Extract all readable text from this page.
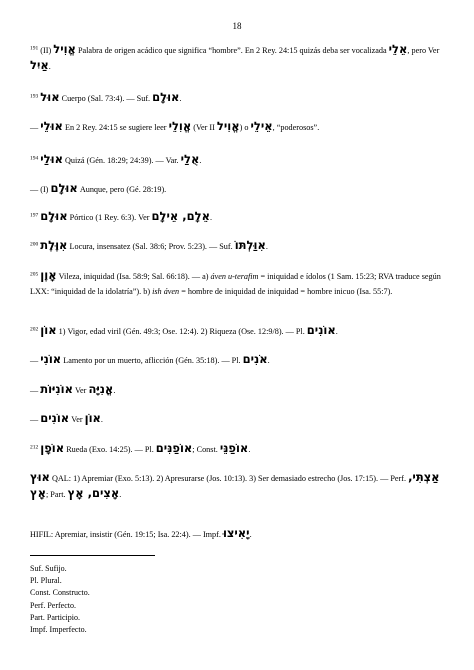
18
$^{191}$ (II) אֱוִיל Palabra de origen acádico que significa “hombre”. En 2 Rey. 24:15 quizás deba ser vocalizada אֵלֵי, pero Ver אַיִל.
$^{193}$ אוּל Cuerpo (Sal. 73:4). — Suf. אוּלָם.
— אוּלֵי En 2 Rey. 24:15 se sugiere leer אֱוִלֵי (Ver II אֱוִיל) o אֵילֵי, “poderosos”.
$^{194}$ אוּלַי Quizá (Gén. 18:29; 24:39). — Var. אֻלַי.
— (I) אוּלָם Aunque, pero (Gé. 28:19).
$^{197}$ אוּלָם Pórtico (1 Rey. 6:3). Ver אֵלָם, אֵילָם.
$^{200}$ אִוֶּלֶת Locura, insensatez (Sal. 38:6; Prov. 5:23). — Suf. אִוַּלְתּוֹ.
$^{205}$ אָוֶן Vileza, iniquidad (Isa. 58:9; Sal. 66:18). — a) áven u-terafim = iniquidad e ídolos (1 Sam. 15:23; RVA traduce según LXX: “iniquidad de la idolatría”). b) ish áven = hombre de iniquidad de iniquidad = hombre inicuo (Isa. 55:7).
$^{202}$ אוֹן 1) Vigor, edad viril (Gén. 49:3; Ose. 12:4). 2) Riqueza (Ose. 12:9/8). — Pl. אוֹנִים.
— אוֹנִי Lamento por un muerto, aflicción (Gén. 35:18). — Pl. אֹנִים.
— אוֹנִיּוֹת Ver אֳנִיָּה.
— אוֹנִים Ver אוֹן.
$^{212}$ אוֹפָן Rueda (Exo. 14:25). — Pl. אוֹפַנִּים; Const. אוֹפַנֵּי.
אוּץ QAL: 1) Apremiar (Exo. 5:13). 2) Apresurarse (Jos. 10:13). 3) Ser demasiado estrecho (Jos. 17:15). — Perf. אַצְתִּי, אָץ; Part. אָצִים, אָץ.
HIFIL: Apremiar, insistir (Gén. 19:15; Isa. 22:4). — Impf. יָאִיצוּ.
Suf. Sufijo.
Pl. Plural.
Const. Constructo.
Perf. Perfecto.
Part. Participio.
Impf. Imperfecto.
